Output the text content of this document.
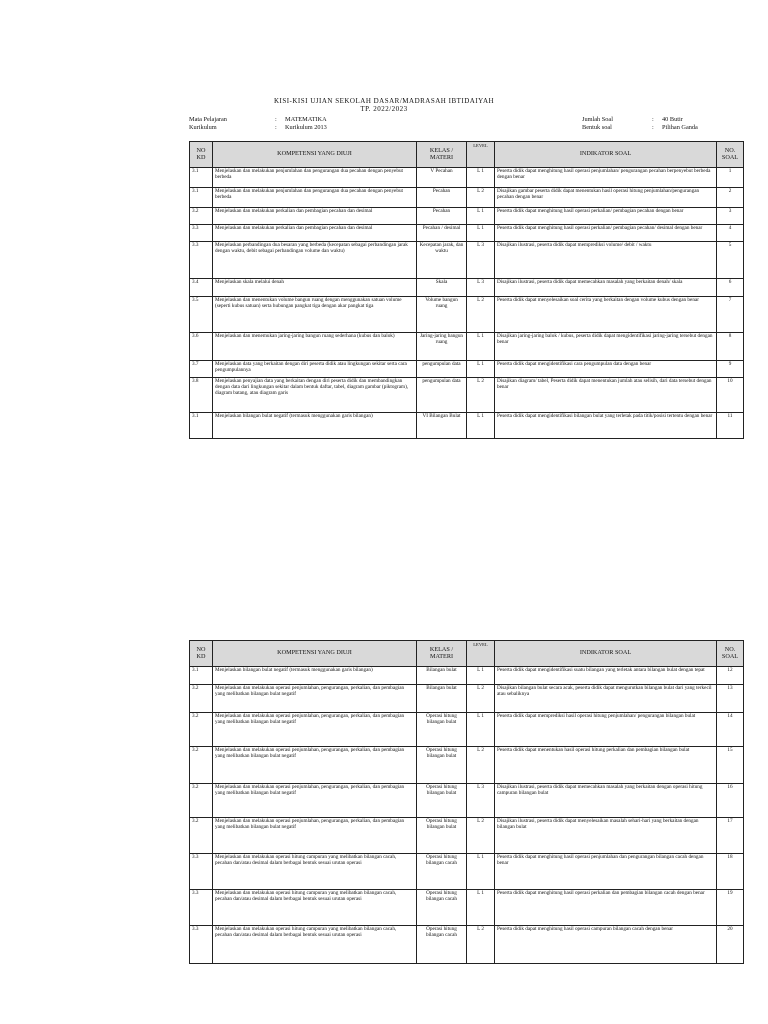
KISI-KISI UJIAN SEKOLAH DASAR/MADRASAH IBTIDAIYAH
TP. 2022/2023
Mata Pelajaran	: MATEMATIKA
Kurikulum	: Kurikulum 2013
Jumlah Soal	: 40 Butir
Bentuk soal	: Pilihan Ganda
NO KD	KOMPETENSI YANG DIUJI	KELAS / MATERI	LEVEL	INDIKATOR SOAL	NO. SOAL
3.1	Menjelaskan dan melakukan penjumlahan dan pengurangan dua pecahan dengan penyebut berbeda	V Pecahan	L 1	Peserta didik dapat menghitung hasil operasi penjumlahan/ pengurangan pecahan berpenyebut berbeda dengan benar	1
3.1	Menjelaskan dan melakukan penjumlahan dan pengurangan dua pecahan dengan penyebut berbeda	Pecahan	L 2	Disajikan gambar peserta didik dapat menentukan hasil operasi hitung penjumlahan/pengurangan pecahan dengan benar	2
3.2	Menjelaskan dan melakukan perkalian dan pembagian pecahan dan desimal	Pecahan	L 1	Peserta didik dapat menghitung hasil operasi perkalian/ pembagian pecahan dengan benar	3
3.3	Menjelaskan dan melakukan perkalian dan pembagian pecahan dan desimal	Pecahan / desimal	L 1	Peserta didik dapat menghitung hasil operasi perkalian/ pembagian pecahan/ desimal dengan benar	4
3.3	Menjelaskan perbandingan dua besaran yang berbeda (kecepatan sebagai perbandingan jarak dengan waktu, debit sebagai perbandingan volume dan waktu)	Kecepatan jarak, dan waktu	L 3	Disajikan ilustrasi, peserta didik dapat memprediksi volume/ debit / waktu	5
3.4	Menjelaskan skala melalui denah	Skala	L 3	Disajikan ilustrasi, peserta didik dapat memecahkan masalah yang berkaitan denah/ skala	6
3.5	Menjelaskan dan menentukan volume bangun ruang dengan menggunakan satuan volume (seperti kubus satuan) serta hubungan pangkat tiga dengan akar pangkat tiga	Volume bangun ruang	L 2	Peserta didik dapat menyelesaikan soal cerita yang berkaitan dengan volume kubus dengan benar	7
3.6	Menjelaskan dan menemukan jaring-jaring bangun ruang sederhana (kubus dan balok)	Jaring-jaring bangun ruang	L 1	Disajikan jaring-jaring balok / kubus, peserta didik dapat mengidentifikasi jaring-jaring tersebut dengan benar	8
3.7	Menjelaskan data yang berkaitan dengan diri peserta didik atau lingkungan sekitar serta cara pengumpulannya	pengumpulan data	L 1	Peserta didik dapat mengidentifikasi cara pengumpulan data dengan benar	9
3.8	Menjelaskan penyajian data yang berkaitan dengan diri peserta didik dan membandingkan dengan data dari lingkungan sekitar dalam bentuk daftar, tabel, diagram gambar (piktogram), diagram batang, atau diagram garis	pengumpulan data	L 2	Disajikan diagram/ tabel, Peserta didik dapat menentukan jumlah atau selisih, dari data tersebut dengan benar	10
3.1	Menjelaskan bilangan bulat negatif (termasuk menggunakan garis bilangan)	VI Bilangan Bulat	L 1	Peserta didik dapat mengidentifikasi bilangan bulat yang terletak pada titik/posisi tertentu dengan benar	11
NO KD	KOMPETENSI YANG DIUJI	KELAS / MATERI	LEVEL	INDIKATOR SOAL	NO. SOAL
3.1	Menjelaskan bilangan bulat negatif (termasuk menggunakan garis bilangan)	Bilangan bulat	L 1	Peserta didik dapat mengidentifikasi suatu bilangan yang terletak antara bilangan bulat dengan tepat	12
3.2	Menjelaskan dan melakukan operasi penjumlahan, pengurangan, perkalian, dan pembagian yang melibatkan bilangan bulat negatif	Bilangan bulat	L 2	Disajikan bilangan bulat secara acak, peserta didik dapat mengurutkan bilangan bulat dari yang terkecil atau sebaliknya	13
3.2	Menjelaskan dan melakukan operasi penjumlahan, pengurangan, perkalian, dan pembagian yang melibatkan bilangan bulat negatif	Operasi hitung bilangan bulat	L 1	Peserta didik dapat memprediksi hasil operasi hitung penjumlahan/ pengurangan bilangan bulat	14
3.2	Menjelaskan dan melakukan operasi penjumlahan, pengurangan, perkalian, dan pembagian yang melibatkan bilangan bulat negatif	Operasi hitung bilangan bulat	L 2	Peserta didik dapat menentukan hasil operasi hitung perkalian dan pembagian bilangan bulat	15
3.2	Menjelaskan dan melakukan operasi penjumlahan, pengurangan, perkalian, dan pembagian yang melibatkan bilangan bulat negatif	Operasi hitung bilangan bulat	L 3	Disajikan ilustrasi, peserta didik dapat memecahkan masalah yang berkaitan dengan operasi hitung campuran bilangan bulat	16
3.2	Menjelaskan dan melakukan operasi penjumlahan, pengurangan, perkalian, dan pembagian yang melibatkan bilangan bulat negatif	Operasi hitung bilangan bulat	L 2	Disajikan ilustrasi, peserta didik dapat menyelesaikan masalah sehari-hari yang berkaitan dengan bilangan bulat	17
3.3	Menjelaskan dan melakukan operasi hitung campuran yang melibatkan bilangan cacah, pecahan dan/atau desimal dalam berbagai bentuk sesuai urutan operasi	Operasi hitung bilangan cacah	L 1	Peserta didik dapat menghitung hasil operasi penjumlahan dan pengurangan bilangan cacah dengan benar	18
3.3	Menjelaskan dan melakukan operasi hitung campuran yang melibatkan bilangan cacah, pecahan dan/atau desimal dalam berbagai bentuk sesuai urutan operasi	Operasi hitung bilangan cacah	L 1	Peserta didik dapat menghitung hasil operasi perkalian dan pembagian bilangan cacah dengan benar	19
3.3	Menjelaskan dan melakukan operasi hitung campuran yang melibatkan bilangan cacah, pecahan dan/atau desimal dalam berbagai bentuk sesuai urutan operasi	Operasi hitung bilangan cacah	L 2	Peserta didik dapat menghitung hasil operasi campuran bilangan cacah dengan benar	20
